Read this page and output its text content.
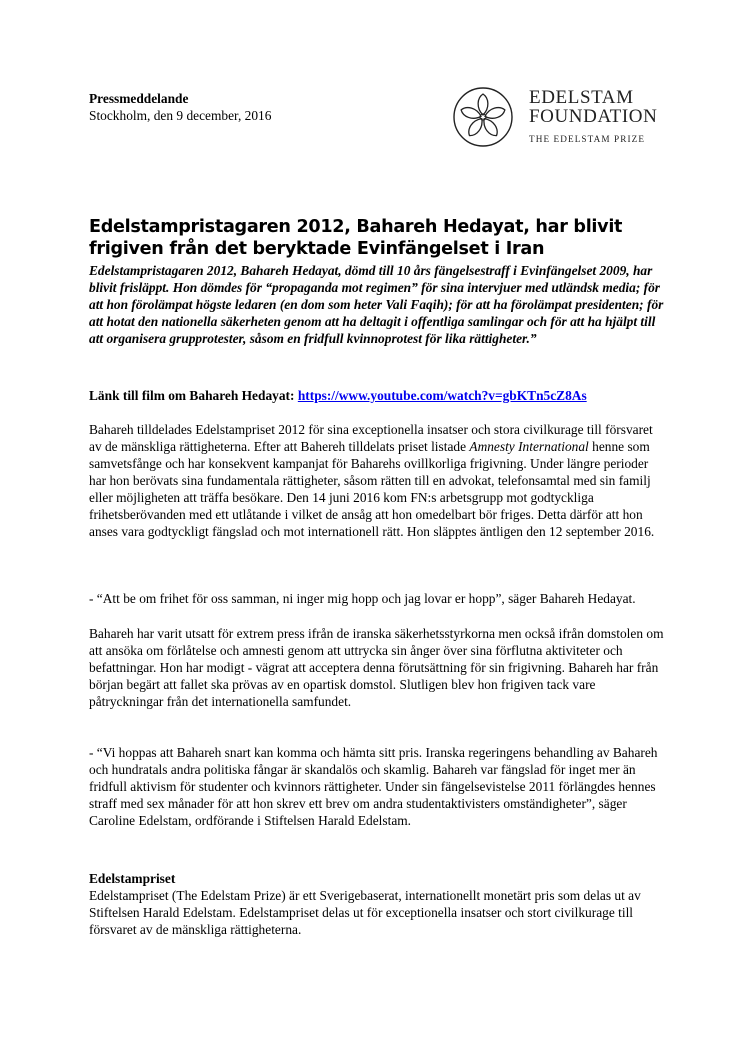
Pressmeddelande
Stockholm, den 9 december, 2016
EDELSTAM
FOUNDATION
THE EDELSTAM PRIZE
Edelstampristagaren 2012, Bahareh Hedayat, har blivit frigiven från det beryktade Evinfängelset i Iran

Edelstampristagaren 2012, Bahareh Hedayat, dömd till 10 års fängelsestraff i Evinfängelset 2009, har blivit frisläppt. Hon dömdes för “propaganda mot regimen” för sina intervjuer med utländsk media; för att hon förolämpat högste ledaren (en dom som heter Vali Faqih); för att ha förolämpat presidenten; för att hotat den nationella säkerheten genom att ha deltagit i offentliga samlingar och för att ha hjälpt till att organisera grupprotester, såsom en fridfull kvinnoprotest för lika rättigheter.”

Länk till film om Bahareh Hedayat: https://www.youtube.com/watch?v=gbKTn5cZ8As

Bahareh tilldelades Edelstampriset 2012 för sina exceptionella insatser och stora civilkurage till försvaret av de mänskliga rättigheterna. Efter att Bahereh tilldelats priset listade Amnesty International henne som samvetsfånge och har konsekvent kampanjat för Baharehs ovillkorliga frigivning. Under längre perioder har hon berövats sina fundamentala rättigheter, såsom rätten till en advokat, telefonsamtal med sin familj eller möjligheten att träffa besökare. Den 14 juni 2016 kom FN:s arbetsgrupp mot godtyckliga frihetsberövanden med ett utlåtande i vilket de ansåg att hon omedelbart bör friges. Detta därför att hon anses vara godtyckligt fängslad och mot internationell rätt. Hon släpptes äntligen den 12 september 2016.

- “Att be om frihet för oss samman, ni inger mig hopp och jag lovar er hopp”, säger Bahareh Hedayat.

Bahareh har varit utsatt för extrem press ifrån de iranska säkerhetsstyrkorna men också ifrån domstolen om att ansöka om förlåtelse och amnesti genom att uttrycka sin ånger över sina förflutna aktiviteter och befattningar. Hon har modigt - vägrat att acceptera denna förutsättning för sin frigivning. Bahareh har från början begärt att fallet ska prövas av en opartisk domstol. Slutligen blev hon frigiven tack vare påtryckningar från det internationella samfundet.

- “Vi hoppas att Bahareh snart kan komma och hämta sitt pris. Iranska regeringens behandling av Bahareh och hundratals andra politiska fångar är skandalös och skamlig. Bahareh var fängslad för inget mer än fridfull aktivism för studenter och kvinnors rättigheter. Under sin fängelsevistelse 2011 förlängdes hennes straff med sex månader för att hon skrev ett brev om andra studentaktivisters omständigheter”, säger Caroline Edelstam, ordförande i Stiftelsen Harald Edelstam.

Edelstampriset
Edelstampriset (The Edelstam Prize) är ett Sverigebaserat, internationellt monetärt pris som delas ut av Stiftelsen Harald Edelstam. Edelstampriset delas ut för exceptionella insatser och stort civilkurage till försvaret av de mänskliga rättigheterna.
